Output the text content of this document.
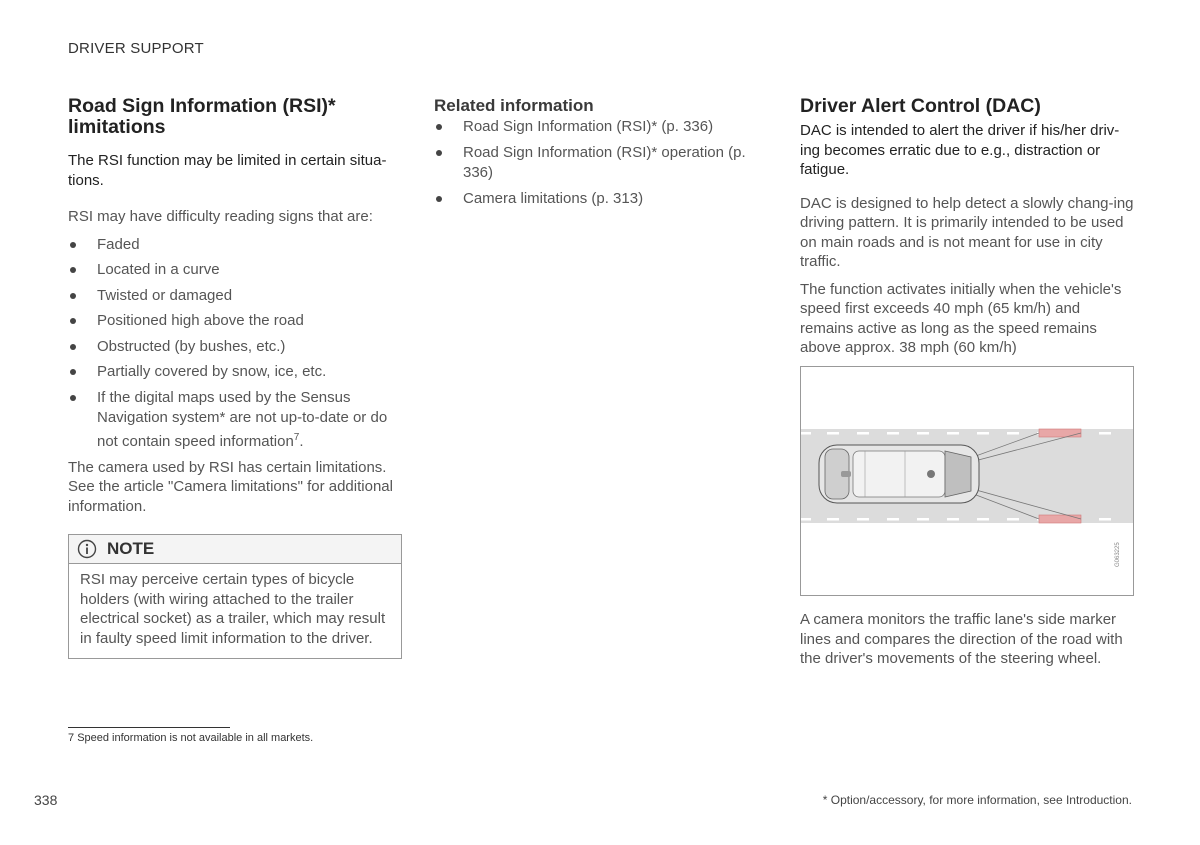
DRIVER SUPPORT
Road Sign Information (RSI)* limitations

The RSI function may be limited in certain situa-tions.

RSI may have difficulty reading signs that are:

Faded
Located in a curve
Twisted or damaged
Positioned high above the road
Obstructed (by bushes, etc.)
Partially covered by snow, ice, etc.
If the digital maps used by the Sensus Navigation system* are not up-to-date or do not contain speed information$^7$.

The camera used by RSI has certain limitations. See the article "Camera limitations" for additional information.

NOTE
RSI may perceive certain types of bicycle holders (with wiring attached to the trailer electrical socket) as a trailer, which may result in faulty speed limit information to the driver.
Related information
Road Sign Information (RSI)* (p. 336)
Road Sign Information (RSI)* operation (p. 336)
Camera limitations (p. 313)
Driver Alert Control (DAC)

DAC is intended to alert the driver if his/her driv-ing becomes erratic due to e.g., distraction or fatigue.

DAC is designed to help detect a slowly chang-ing driving pattern. It is primarily intended to be used on main roads and is not meant for use in city traffic.

The function activates initially when the vehicle's speed first exceeds 40 mph (65 km/h) and remains active as long as the speed remains above approx. 38 mph (60 km/h)

G063225

A camera monitors the traffic lane's side marker lines and compares the direction of the road with the driver's movements of the steering wheel.

7 Speed information is not available in all markets.
338	* Option/accessory, for more information, see Introduction.
